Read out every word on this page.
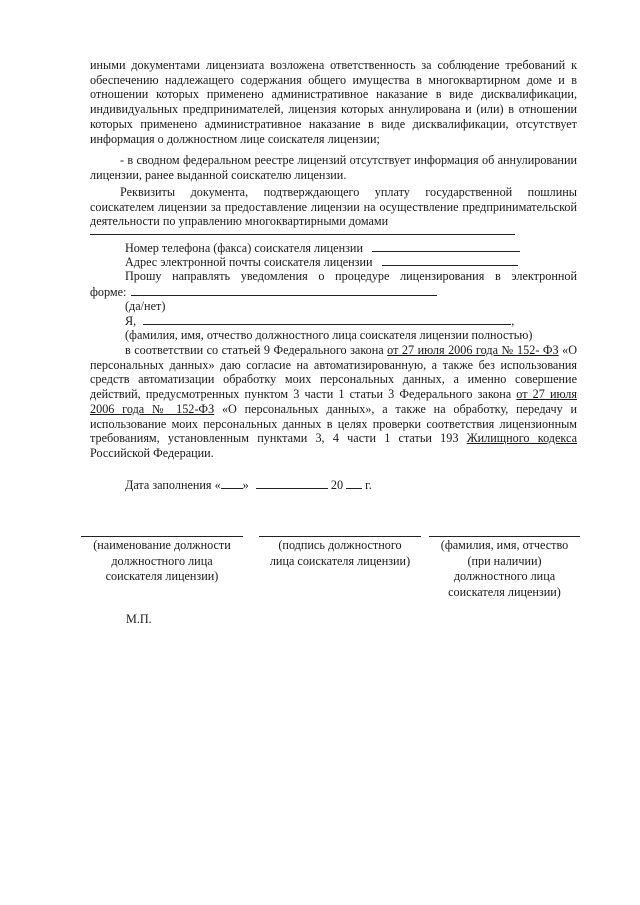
иными документами лицензиата возложена ответственность за соблюдение требований к обеспечению надлежащего содержания общего имущества в многоквартирном доме и в отношении которых применено административное наказание в виде дисквалификации, индивидуальных предпринимателей, лицензия которых аннулирована и (или) в отношении которых применено административное наказание в виде дисквалификации, отсутствует информация о должностном лице соискателя лицензии;
- в сводном федеральном реестре лицензий отсутствует информация об аннулировании лицензии, ранее выданной соискателю лицензии.
Реквизиты документа, подтверждающего уплату государственной пошлины соискателем лицензии за предоставление лицензии на осуществление предпринимательской деятельности по управлению многоквартирными домами
Номер телефона (факса) соискателя лицензии
Адрес электронной почты соискателя лицензии
Прошу направлять уведомления о процедуре лицензирования в электронной
форме:
(да/нет)
Я,	,
(фамилия, имя, отчество должностного лица соискателя лицензии полностью)
в соответствии со статьей 9 Федерального закона от 27 июля 2006 года № 152- ФЗ «О персональных данных» даю согласие на автоматизированную, а также без использования средств автоматизации обработку моих персональных данных, а именно совершение действий, предусмотренных пунктом 3 части 1 статьи 3 Федерального закона от 27 июля 2006 года № 152-ФЗ «О персональных данных», а также на обработку, передачу и использование моих персональных данных в целях проверки соответствия лицензионным требованиям, установленным пунктами 3, 4 части 1 статьи 193 Жилищного кодекса Российской Федерации.
Дата заполнения « »	20 г.
(наименование должности
должностного лица
соискателя лицензии)
(подпись должностного
лица соискателя лицензии)
(фамилия, имя, отчество
(при наличии)
должностного лица
соискателя лицензии)
М.П.
